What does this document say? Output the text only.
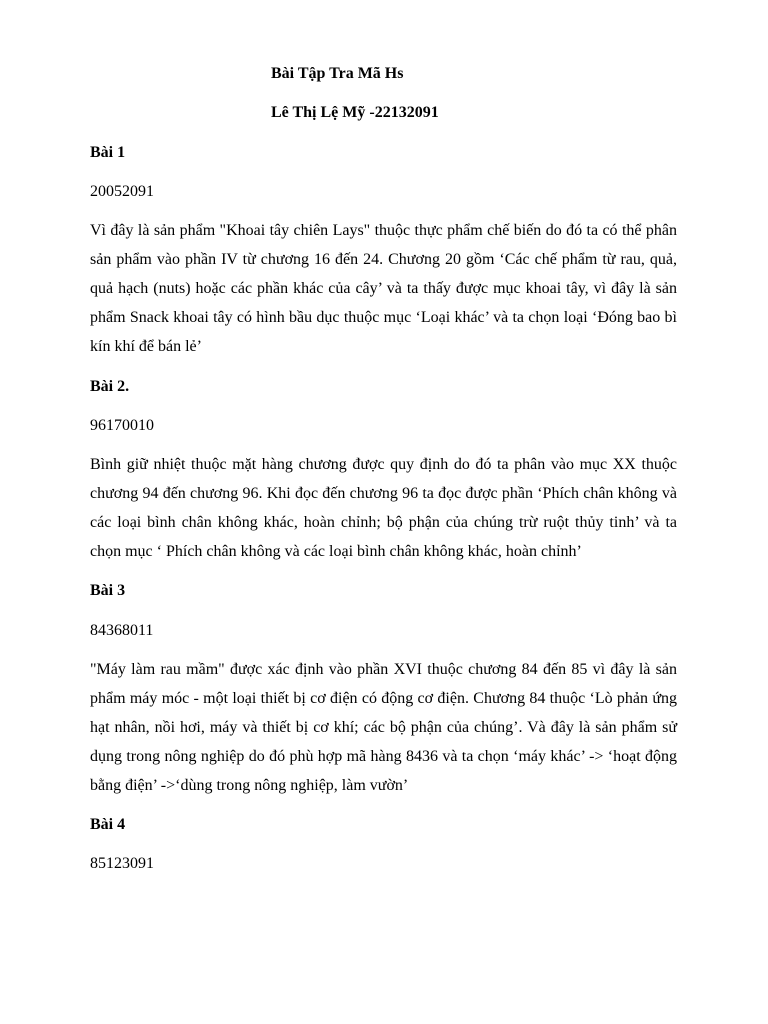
Bài Tập Tra Mã Hs
Lê Thị Lệ Mỹ -22132091
Bài 1
20052091
Vì đây là sản phẩm "Khoai tây chiên Lays" thuộc thực phẩm chế biến do đó ta có thể phân sản phẩm vào phần IV từ chương 16 đến 24. Chương 20 gồm ‘Các chế phẩm từ rau, quả, quả hạch (nuts) hoặc các phần khác của cây’ và ta thấy được mục khoai tây, vì đây là sản phẩm Snack khoai tây có hình bầu dục thuộc mục ‘Loại khác’ và ta chọn loại ‘Đóng bao bì kín khí để bán lẻ’
Bài 2.
96170010
Bình giữ nhiệt thuộc mặt hàng chương được quy định do đó ta phân vào mục XX thuộc chương 94 đến chương 96. Khi đọc đến chương 96 ta đọc được phần ‘Phích chân không và các loại bình chân không khác, hoàn chỉnh; bộ phận của chúng trừ ruột thủy tinh’ và ta chọn mục ‘ Phích chân không và các loại bình chân không khác, hoàn chỉnh’
Bài 3
84368011
"Máy làm rau mầm" được xác định vào phần XVI thuộc chương 84 đến 85 vì đây là sản phẩm máy móc - một loại thiết bị cơ điện có động cơ điện. Chương 84 thuộc ‘Lò phản ứng hạt nhân, nồi hơi, máy và thiết bị cơ khí; các bộ phận của chúng’. Và đây là sản phẩm sử dụng trong nông nghiệp do đó phù hợp mã hàng 8436 và ta chọn ‘máy khác’ -> ‘hoạt động bằng điện’ ->‘dùng trong nông nghiệp, làm vườn’
Bài 4
85123091
